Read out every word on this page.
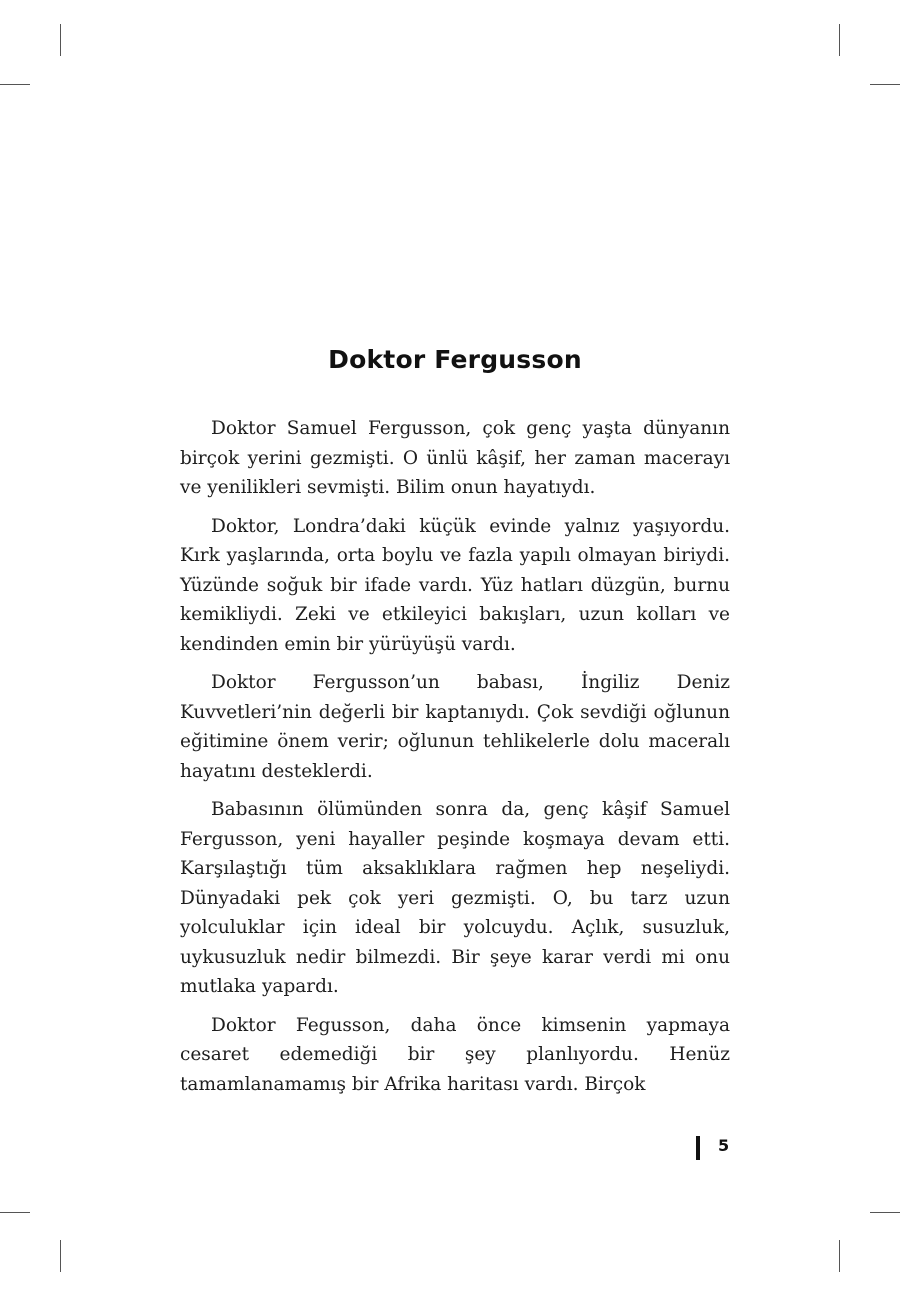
Doktor Fergusson

Doktor Samuel Fergusson, çok genç yaşta dünyanın birçok yerini gezmişti. O ünlü kâşif, her zaman macerayı ve yenilikleri sevmişti. Bilim onun hayatıydı.

Doktor, Londra’daki küçük evinde yalnız yaşıyordu. Kırk yaşlarında, orta boylu ve fazla yapılı olmayan biriydi. Yüzünde soğuk bir ifade vardı. Yüz hatları düzgün, burnu kemikliydi. Zeki ve etkileyici bakışları, uzun kolları ve kendinden emin bir yürüyüşü vardı.

Doktor Fergusson’un babası, İngiliz Deniz Kuvvetleri’nin değerli bir kaptanıydı. Çok sevdiği oğlunun eğitimine önem verir; oğlunun tehlikelerle dolu maceralı hayatını desteklerdi.

Babasının ölümünden sonra da, genç kâşif Samuel Fergusson, yeni hayaller peşinde koşmaya devam etti. Karşılaştığı tüm aksaklıklara rağmen hep neşeliydi. Dünyadaki pek çok yeri gezmişti. O, bu tarz uzun yolculuklar için ideal bir yolcuydu. Açlık, susuzluk, uykusuzluk nedir bilmezdi. Bir şeye karar verdi mi onu mutlaka yapardı.

Doktor Fegusson, daha önce kimsenin yapmaya cesaret edemediği bir şey planlıyordu. Henüz tamamlanamamış bir Afrika haritası vardı. Birçok

5
